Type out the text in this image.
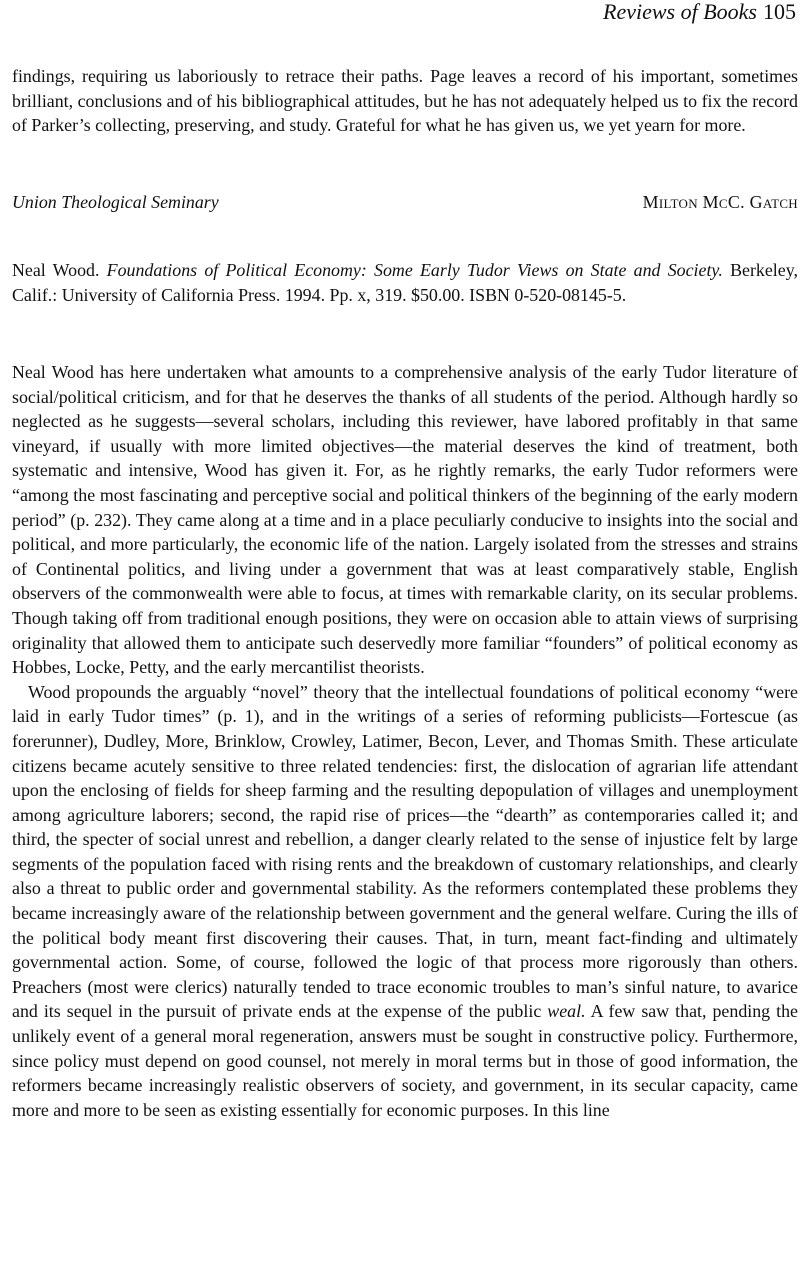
Reviews of Books 105

findings, requiring us laboriously to retrace their paths. Page leaves a record of his important, sometimes brilliant, conclusions and of his bibliographical attitudes, but he has not adequately helped us to fix the record of Parker’s collecting, preserving, and study. Grateful for what he has given us, we yet yearn for more.

Union Theological Seminary	Milton McC. Gatch

Neal Wood. Foundations of Political Economy: Some Early Tudor Views on State and Society. Berkeley, Calif.: University of California Press. 1994. Pp. x, 319. $50.00. ISBN 0-520-08145-5.

Neal Wood has here undertaken what amounts to a comprehensive analysis of the early Tudor literature of social/political criticism, and for that he deserves the thanks of all students of the period. Although hardly so neglected as he suggests—several scholars, including this reviewer, have labored profitably in that same vineyard, if usually with more limited objectives—the material deserves the kind of treatment, both systematic and intensive, Wood has given it. For, as he rightly remarks, the early Tudor reformers were “among the most fascinating and perceptive social and political thinkers of the beginning of the early modern period” (p. 232). They came along at a time and in a place peculiarly conducive to insights into the social and political, and more particularly, the economic life of the nation. Largely isolated from the stresses and strains of Continental politics, and living under a government that was at least comparatively stable, English observers of the commonwealth were able to focus, at times with remarkable clarity, on its secular problems. Though taking off from traditional enough positions, they were on occasion able to attain views of surprising originality that allowed them to anticipate such deservedly more familiar “founders” of political economy as Hobbes, Locke, Petty, and the early mercantilist theorists.

Wood propounds the arguably “novel” theory that the intellectual foundations of political economy “were laid in early Tudor times” (p. 1), and in the writings of a series of reforming publicists—Fortescue (as forerunner), Dudley, More, Brinklow, Crowley, Latimer, Becon, Lever, and Thomas Smith. These articulate citizens became acutely sensitive to three related tendencies: first, the dislocation of agrarian life attendant upon the enclosing of fields for sheep farming and the resulting depopulation of villages and unemployment among agriculture laborers; second, the rapid rise of prices—the “dearth” as contemporaries called it; and third, the specter of social unrest and rebellion, a danger clearly related to the sense of injustice felt by large segments of the population faced with rising rents and the breakdown of customary relationships, and clearly also a threat to public order and governmental stability. As the reformers contemplated these problems they became increasingly aware of the relationship between government and the general welfare. Curing the ills of the political body meant first discovering their causes. That, in turn, meant fact-finding and ultimately governmental action. Some, of course, followed the logic of that process more rigorously than others. Preachers (most were clerics) naturally tended to trace economic troubles to man’s sinful nature, to avarice and its sequel in the pursuit of private ends at the expense of the public weal. A few saw that, pending the unlikely event of a general moral regeneration, answers must be sought in constructive policy. Furthermore, since policy must depend on good counsel, not merely in moral terms but in those of good information, the reformers became increasingly realistic observers of society, and government, in its secular capacity, came more and more to be seen as existing essentially for economic purposes. In this line
